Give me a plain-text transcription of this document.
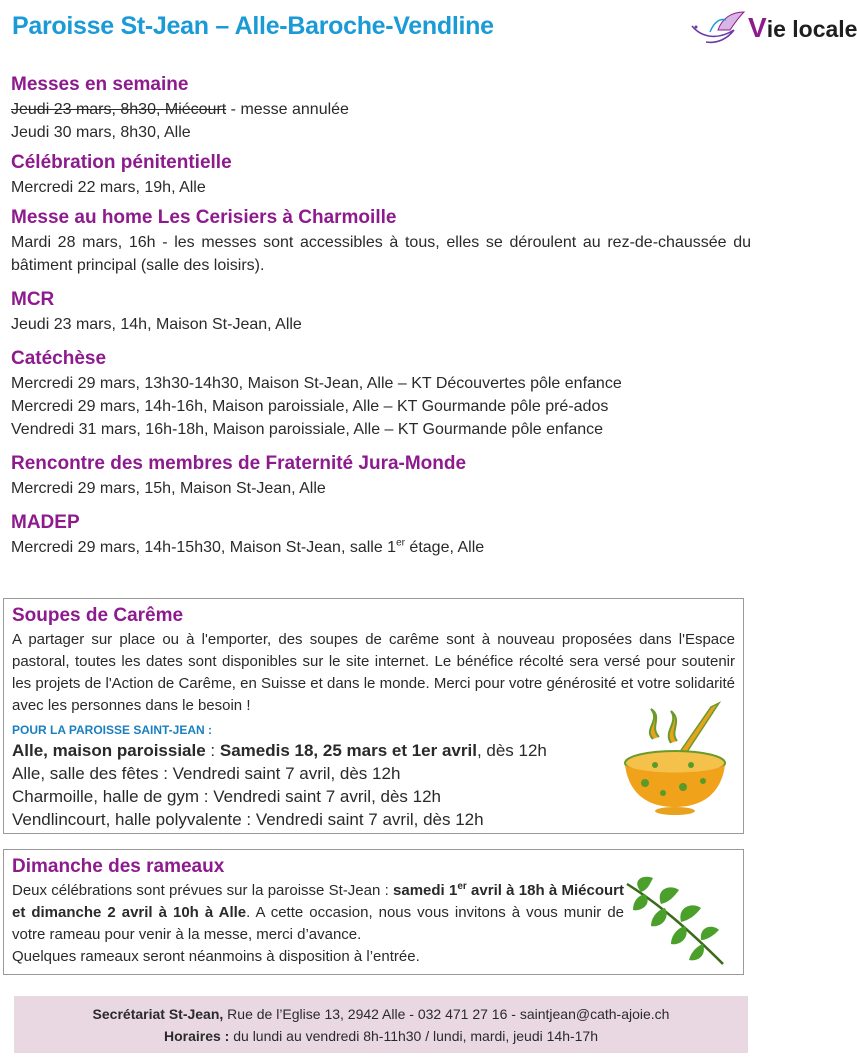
Paroisse St-Jean – Alle-Baroche-Vendline	Vie locale
Messes en semaine
Jeudi 23 mars, 8h30, Miécourt - messe annulée
Jeudi 30 mars, 8h30, Alle
Célébration pénitentielle
Mercredi 22 mars, 19h, Alle
Messe au home Les Cerisiers à Charmoille
Mardi 28 mars, 16h - les messes sont accessibles à tous, elles se déroulent au rez-de-chaussée du bâtiment principal (salle des loisirs).
MCR
Jeudi 23 mars, 14h, Maison St-Jean, Alle
Catéchèse
Mercredi 29 mars, 13h30-14h30, Maison St-Jean, Alle – KT Découvertes pôle enfance
Mercredi 29 mars, 14h-16h, Maison paroissiale, Alle – KT Gourmande pôle pré-ados
Vendredi 31 mars, 16h-18h, Maison paroissiale, Alle – KT Gourmande pôle enfance
Rencontre des membres de Fraternité Jura-Monde
Mercredi 29 mars, 15h, Maison St-Jean, Alle
MADEP
Mercredi 29 mars, 14h-15h30, Maison St-Jean, salle 1er étage, Alle
Soupes de Carême
A partager sur place ou à l'emporter, des soupes de carême sont à nouveau proposées dans l'Espace pastoral, toutes les dates sont disponibles sur le site internet. Le bénéfice récolté sera versé pour soutenir les projets de l'Action de Carême, en Suisse et dans le monde. Merci pour votre générosité et votre solidarité avec les personnes dans le besoin !
POUR LA PAROISSE SAINT-JEAN :
Alle, maison paroissiale : Samedis 18, 25 mars et 1er avril, dès 12h
Alle, salle des fêtes : Vendredi saint 7 avril, dès 12h
Charmoille, halle de gym : Vendredi saint 7 avril, dès 12h
Vendlincourt, halle polyvalente : Vendredi saint 7 avril, dès 12h
Dimanche des rameaux
Deux célébrations sont prévues sur la paroisse St-Jean : samedi 1er avril à 18h à Miécourt et dimanche 2 avril à 10h à Alle. A cette occasion, nous vous invitons à vous munir de votre rameau pour venir à la messe, merci d’avance.
Quelques rameaux seront néanmoins à disposition à l’entrée.
Secrétariat St-Jean, Rue de l’Eglise 13, 2942 Alle - 032 471 27 16 - saintjean@cath-ajoie.ch
Horaires : du lundi au vendredi 8h-11h30 / lundi, mardi, jeudi 14h-17h
